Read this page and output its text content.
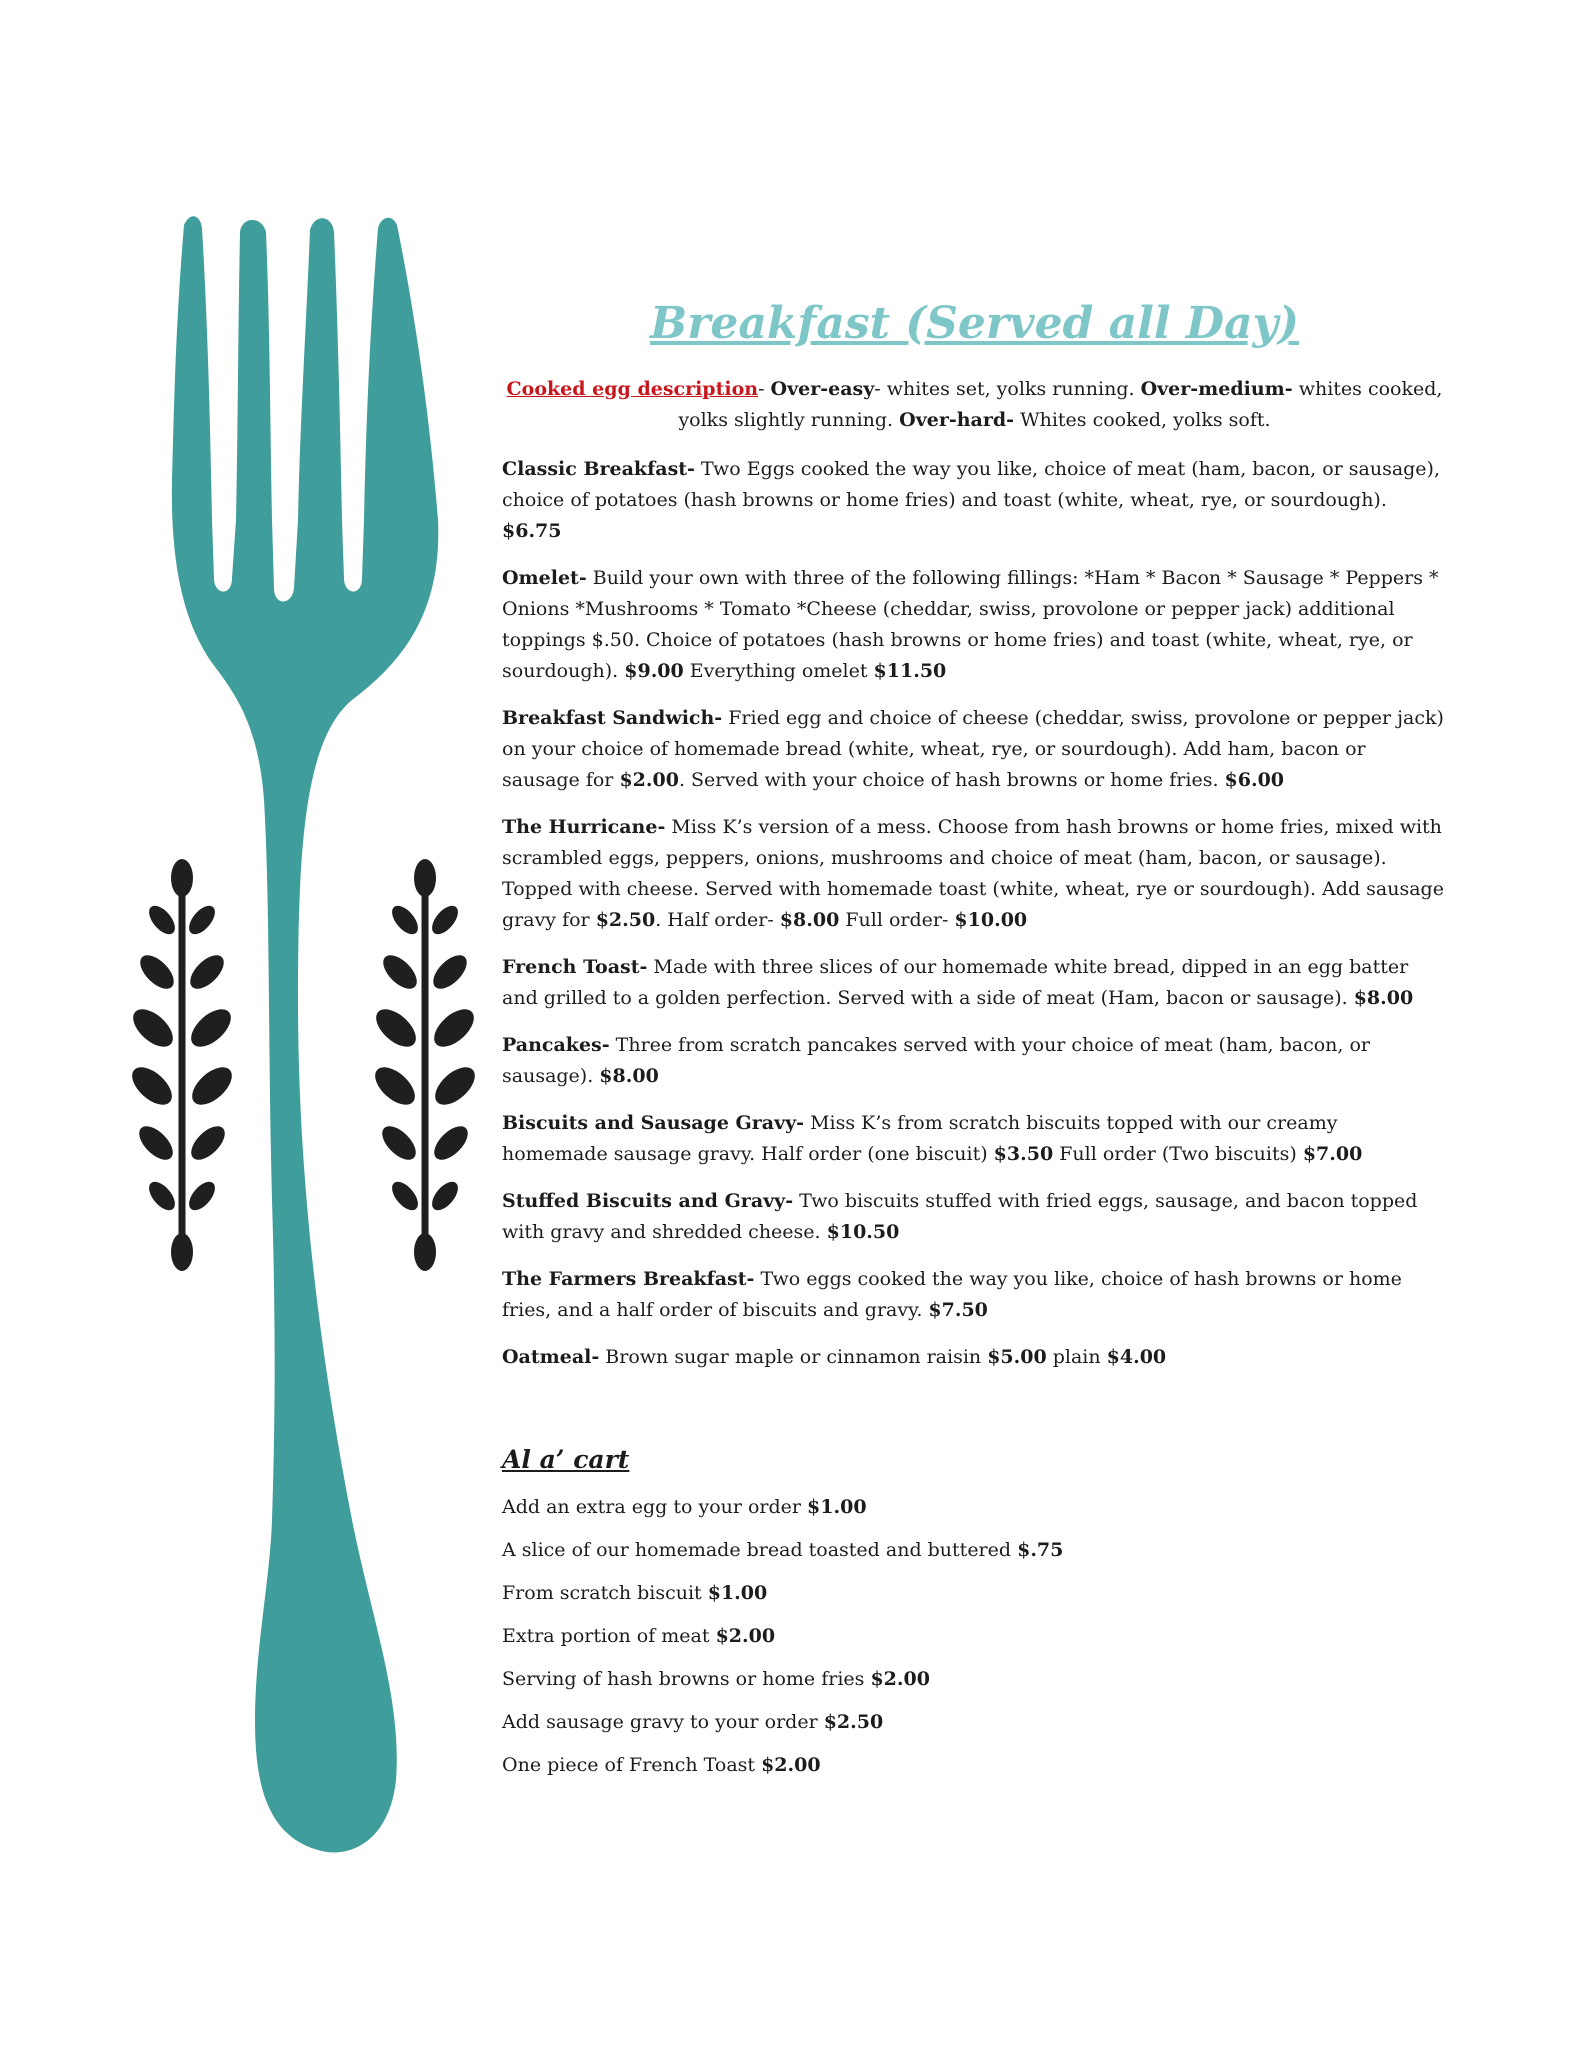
Breakfast (Served all Day)

Cooked egg description- Over-easy- whites set, yolks running. Over-medium- whites cooked, yolks slightly running. Over-hard- Whites cooked, yolks soft.

Classic Breakfast- Two Eggs cooked the way you like, choice of meat (ham, bacon, or sausage), choice of potatoes (hash browns or home fries) and toast (white, wheat, rye, or sourdough). $6.75

Omelet- Build your own with three of the following fillings: *Ham * Bacon * Sausage * Peppers * Onions *Mushrooms * Tomato *Cheese (cheddar, swiss, provolone or pepper jack) additional toppings $.50. Choice of potatoes (hash browns or home fries) and toast (white, wheat, rye, or sourdough). $9.00 Everything omelet $11.50

Breakfast Sandwich- Fried egg and choice of cheese (cheddar, swiss, provolone or pepper jack) on your choice of homemade bread (white, wheat, rye, or sourdough). Add ham, bacon or sausage for $2.00. Served with your choice of hash browns or home fries. $6.00

The Hurricane- Miss K’s version of a mess. Choose from hash browns or home fries, mixed with scrambled eggs, peppers, onions, mushrooms and choice of meat (ham, bacon, or sausage). Topped with cheese. Served with homemade toast (white, wheat, rye or sourdough). Add sausage gravy for $2.50. Half order- $8.00 Full order- $10.00

French Toast- Made with three slices of our homemade white bread, dipped in an egg batter and grilled to a golden perfection. Served with a side of meat (Ham, bacon or sausage). $8.00

Pancakes- Three from scratch pancakes served with your choice of meat (ham, bacon, or sausage). $8.00

Biscuits and Sausage Gravy- Miss K’s from scratch biscuits topped with our creamy homemade sausage gravy. Half order (one biscuit) $3.50 Full order (Two biscuits) $7.00

Stuffed Biscuits and Gravy- Two biscuits stuffed with fried eggs, sausage, and bacon topped with gravy and shredded cheese. $10.50

The Farmers Breakfast- Two eggs cooked the way you like, choice of hash browns or home fries, and a half order of biscuits and gravy. $7.50

Oatmeal- Brown sugar maple or cinnamon raisin $5.00 plain $4.00

Al a’ cart

Add an extra egg to your order $1.00

A slice of our homemade bread toasted and buttered $.75

From scratch biscuit $1.00

Extra portion of meat $2.00

Serving of hash browns or home fries $2.00

Add sausage gravy to your order $2.50

One piece of French Toast $2.00
